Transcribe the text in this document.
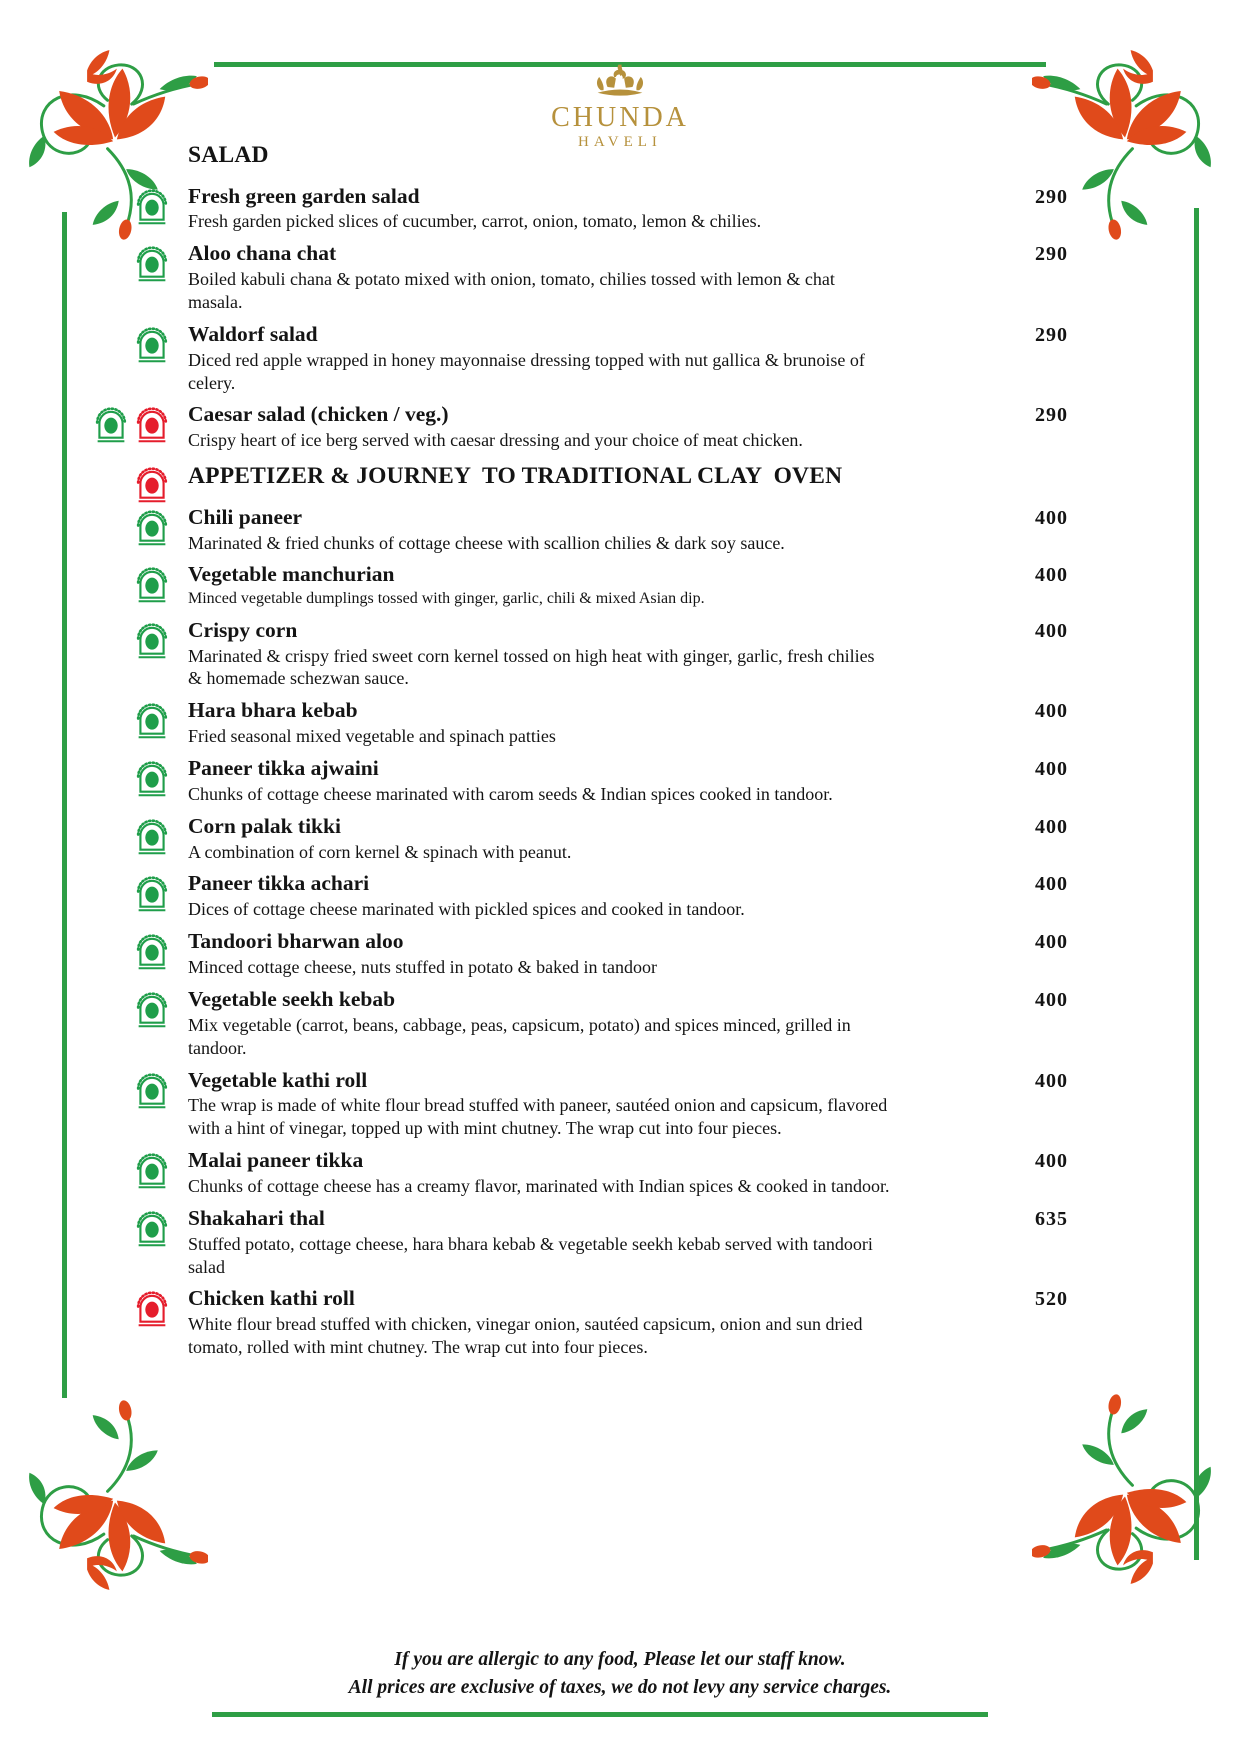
CHUNDA
HAVELI
SALAD
Fresh green garden salad	290

Fresh garden picked slices of cucumber, carrot, onion, tomato, lemon & chilies.

Aloo chana chat	290

Boiled kabuli chana & potato mixed with onion, tomato, chilies tossed with lemon & chat masala.

Waldorf salad	290

Diced red apple wrapped in honey mayonnaise dressing topped with nut gallica & brunoise of celery.

Caesar salad (chicken / veg.)	290

Crispy heart of ice berg served with caesar dressing and your choice of meat chicken.

APPETIZER & JOURNEY  TO TRADITIONAL CLAY  OVEN
Chili paneer	400

Marinated & fried chunks of cottage cheese with scallion chilies & dark soy sauce.

Vegetable manchurian	400

Minced vegetable dumplings tossed with ginger, garlic, chili & mixed Asian dip.

Crispy corn	400

Marinated & crispy fried sweet corn kernel tossed on high heat with ginger, garlic, fresh chilies & homemade schezwan sauce.

Hara bhara kebab	400

Fried seasonal mixed vegetable and spinach patties

Paneer tikka ajwaini	400

Chunks of cottage cheese marinated with carom seeds & Indian spices cooked in tandoor.

Corn palak tikki	400

A combination of corn kernel & spinach with peanut.

Paneer tikka achari	400

Dices of cottage cheese marinated with pickled spices and cooked in tandoor.

Tandoori bharwan aloo	400

Minced cottage cheese, nuts stuffed in potato & baked in tandoor

Vegetable seekh kebab	400

Mix vegetable (carrot, beans, cabbage, peas, capsicum, potato) and spices minced, grilled in tandoor.

Vegetable kathi roll	400

The wrap is made of white flour bread stuffed with paneer, sautéed onion and capsicum, flavored with a hint of vinegar, topped up with mint chutney. The wrap cut into four pieces.

Malai paneer tikka	400

Chunks of cottage cheese has a creamy flavor, marinated with Indian spices & cooked in tandoor.

Shakahari thal	635

Stuffed potato, cottage cheese, hara bhara kebab & vegetable seekh kebab served with tandoori salad

Chicken kathi roll	520

White flour bread stuffed with chicken, vinegar onion, sautéed capsicum, onion and sun dried tomato, rolled with mint chutney. The wrap cut into four pieces.

If you are allergic to any food, Please let our staff know.

All prices are exclusive of taxes, we do not levy any service charges.
